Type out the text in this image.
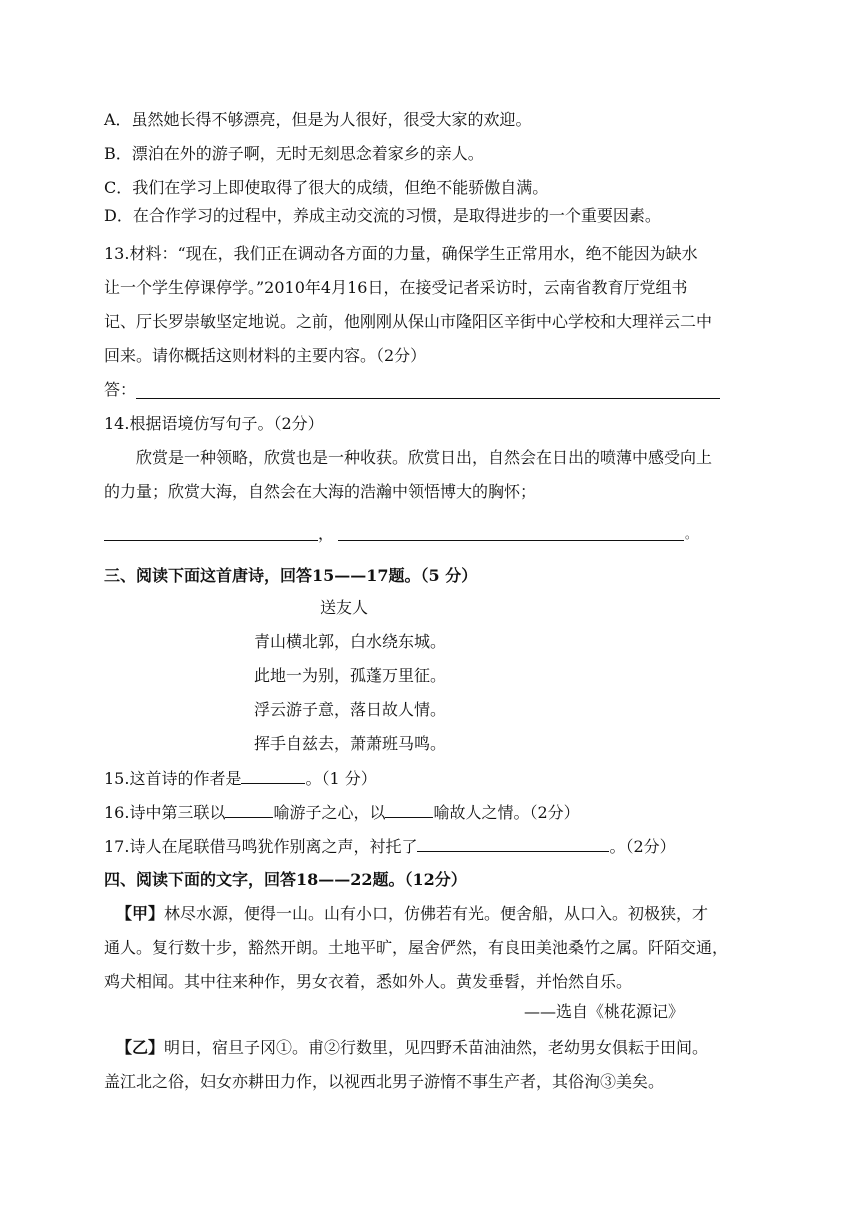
A．虽然她长得不够漂亮，但是为人很好，很受大家的欢迎。
B．漂泊在外的游子啊，无时无刻思念着家乡的亲人。
C．我们在学习上即使取得了很大的成绩，但绝不能骄傲自满。
D．在合作学习的过程中，养成主动交流的习惯，是取得进步的一个重要因素。
13.材料：“现在，我们正在调动各方面的力量，确保学生正常用水，绝不能因为缺水
让一个学生停课停学。”2010年4月16日，在接受记者采访时，云南省教育厅党组书
记、厅长罗崇敏坚定地说。之前，他刚刚从保山市隆阳区辛街中心学校和大理祥云二中
回来。请你概括这则材料的主要内容。（2分）
答：
14.根据语境仿写句子。（2分）
欣赏是一种领略，欣赏也是一种收获。欣赏日出，自然会在日出的喷薄中感受向上
的力量；欣赏大海，自然会在大海的浩瀚中领悟博大的胸怀；
，	。
三、阅读下面这首唐诗，回答15——17题。（5 分）
送友人
青山横北郭，白水绕东城。
此地一为别，孤蓬万里征。
浮云游子意，落日故人情。
挥手自兹去，萧萧班马鸣。
15.这首诗的作者是	。（1 分）
16.诗中第三联以	喻游子之心，以	喻故人之情。（2分）
17.诗人在尾联借马鸣犹作别离之声，衬托了	。（2分）
四、阅读下面的文字，回答18——22题。（12分）
【甲】林尽水源，便得一山。山有小口，仿佛若有光。便舍船，从口入。初极狭，才
通人。复行数十步，豁然开朗。土地平旷，屋舍俨然，有良田美池桑竹之属。阡陌交通，
鸡犬相闻。其中往来种作，男女衣着，悉如外人。黄发垂髫，并怡然自乐。
——选自《桃花源记》
【乙】明日，宿旦子冈①。甫②行数里，见四野禾苗油油然，老幼男女俱耘于田间。
盖江北之俗，妇女亦耕田力作，以视西北男子游惰不事生产者，其俗洵③美矣。
